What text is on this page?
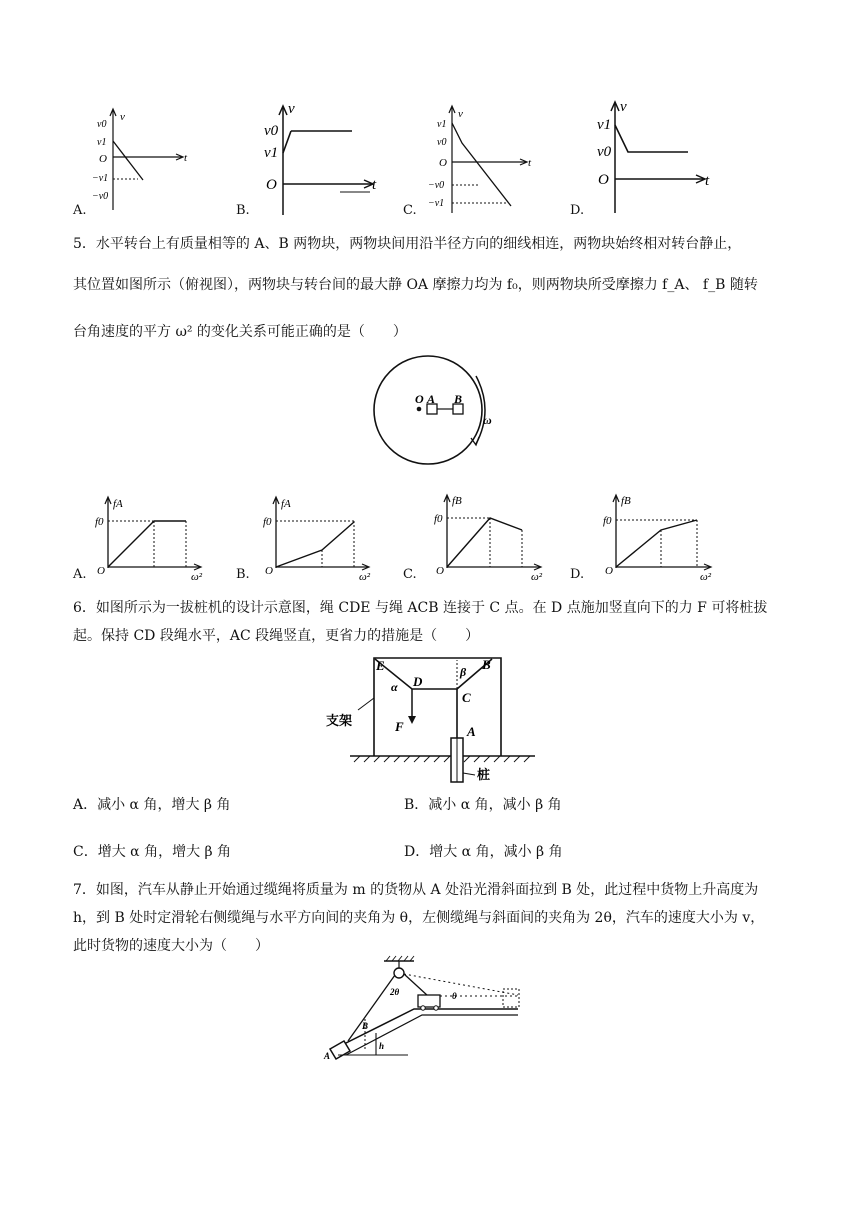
v
v0
v1
O	t
−v1
−v0
v
v0
v1
O	t
v
v1
v0
O	t
−v0
−v1
v
v1
v0
O	t
A.	B.	C.	D.
5．水平转台上有质量相等的 A、B 两物块，两物块间用沿半径方向的细线相连，两物块始终相对转台静止，
其位置如图所示（俯视图），两物块与转台间的最大静 OA 摩擦力均为 f₀，则两物块所受摩擦力 f_A、 f_B 随转
台角速度的平方 ω² 的变化关系可能正确的是（　　）
O A B
ω
fA
f0
O	ω²
fA
f0
O	ω²
fB
f0
O	ω²
fB
f0
O	ω²
A.	B.	C.	D.
6．如图所示为一拔桩机的设计示意图，绳 CDE 与绳 ACB 连接于 C 点。在 D 点施加竖直向下的力 F 可将桩拔
起。保持 CD 段绳水平，AC 段绳竖直，更省力的措施是（　　）
E
D
C
B
A
F
α
β
支架
桩
A．减小 α 角，增大 β 角	B．减小 α 角，减小 β 角
C．增大 α 角，增大 β 角	D．增大 α 角，减小 β 角
7．如图，汽车从静止开始通过缆绳将质量为 m 的货物从 A 处沿光滑斜面拉到 B 处，此过程中货物上升高度为
h，到 B 处时定滑轮右侧缆绳与水平方向间的夹角为 θ，左侧缆绳与斜面间的夹角为 2θ，汽车的速度大小为 v，
此时货物的速度大小为（　　）
2θ	θ
B
A
h
